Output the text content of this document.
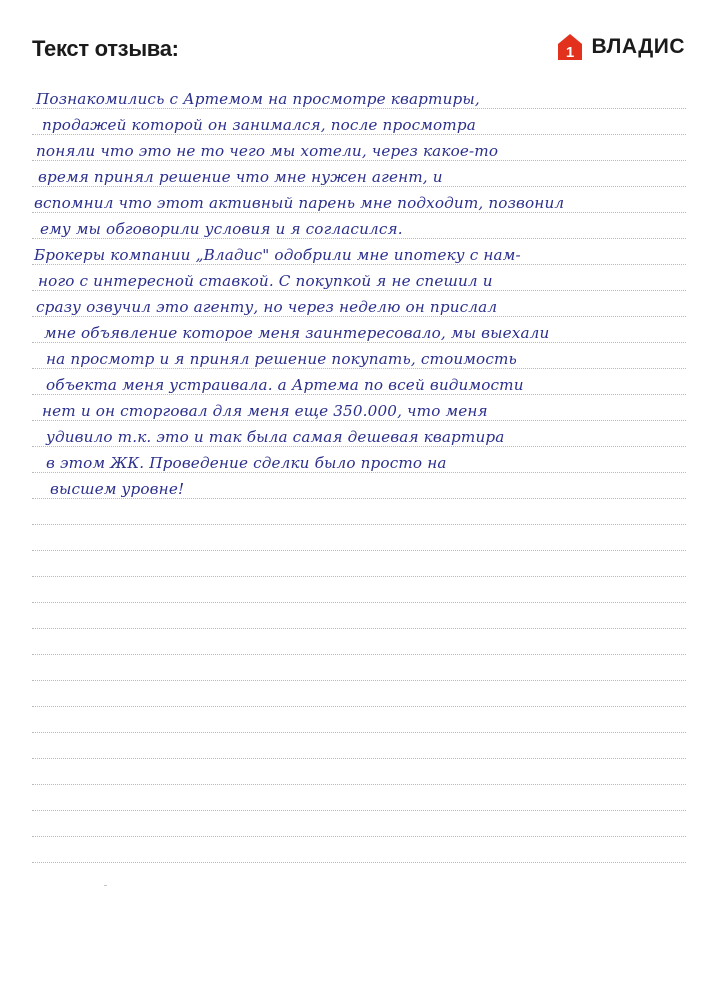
Текст отзыва:	1 ВЛАДИС
Познакомились с Артемом на просмотре квартиры,
продажей которой он занимался, после просмотра
поняли что это не то чего мы хотели, через какое-то
время принял решение что мне нужен агент, и
вспомнил что этот активный парень мне подходит, позвонил
ему мы обговорили условия и я согласился.
Брокеры компании „Владис" одобрили мне ипотеку с нам-
ного с интересной ставкой. С покупкой я не спешил и
сразу озвучил это агенту, но через неделю он прислал
мне объявление которое меня заинтересовало, мы выехали
на просмотр и я принял решение покупать, стоимость
объекта меня устраивала. а Артема по всей видимости
нет и он сторговал для меня еще 350.000, что меня
удивило т.к. это и так была самая дешевая квартира
в этом ЖК. Проведение сделки было просто на
высшем уровне!
